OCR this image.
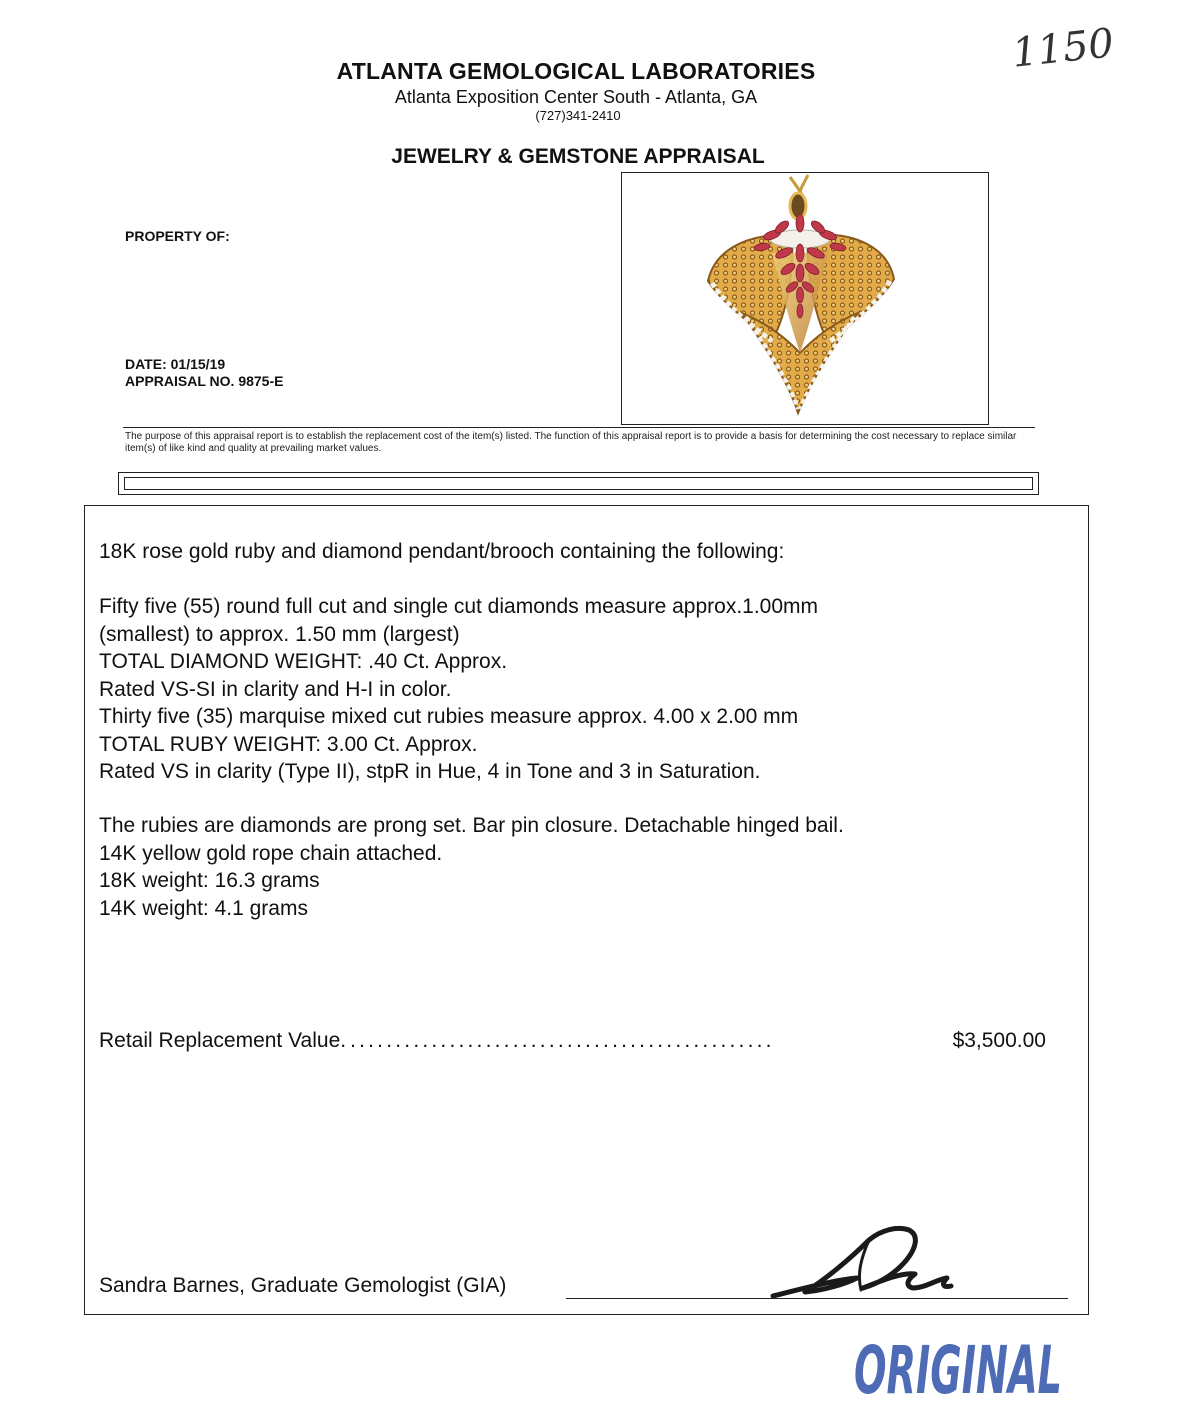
1150
ATLANTA GEMOLOGICAL LABORATORIES
Atlanta Exposition Center South - Atlanta, GA
(727)341-2410
JEWELRY & GEMSTONE APPRAISAL
PROPERTY OF:
DATE: 01/15/19
APPRAISAL NO. 9875-E
The purpose of this appraisal report is to establish the replacement cost of the item(s) listed. The function of this appraisal report is to provide a basis for determining the cost necessary to replace similar item(s) of like kind and quality at prevailing market values.
18K rose gold ruby and diamond pendant/brooch containing the following:
Fifty five (55) round full cut and single cut diamonds measure approx.1.00mm
(smallest) to approx. 1.50 mm (largest)
TOTAL DIAMOND WEIGHT: .40 Ct. Approx.
Rated VS-SI in clarity and H-I in color.
Thirty five (35) marquise mixed cut rubies measure approx. 4.00 x 2.00 mm
TOTAL RUBY WEIGHT: 3.00 Ct. Approx.
Rated VS in clarity (Type II), stpR in Hue, 4 in Tone and 3 in Saturation.
The rubies are diamonds are prong set. Bar pin closure. Detachable hinged bail.
14K yellow gold rope chain attached.
18K weight: 16.3 grams
14K weight: 4.1 grams
Retail Replacement Value. ...............................................	$3,500.00
Sandra Barnes, Graduate Gemologist (GIA)
ORIGINAL
